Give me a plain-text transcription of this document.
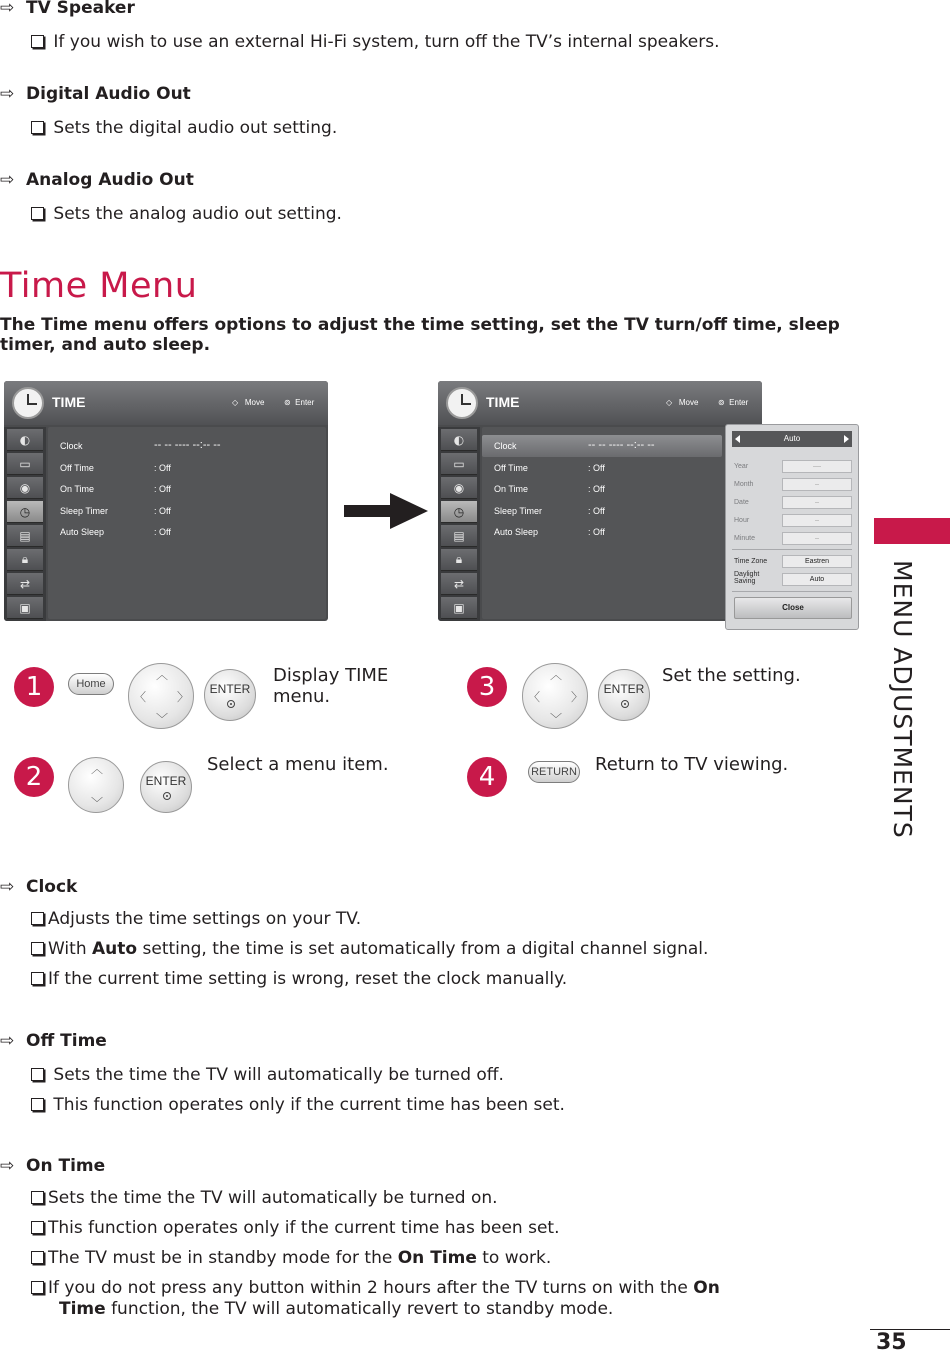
⇨ TV Speaker
If you wish to use an external Hi-Fi system, turn off the TV’s internal speakers.
⇨ Digital Audio Out
Sets the digital audio out setting.
⇨ Analog Audio Out
Sets the analog audio out setting.
Time Menu
The Time menu offers options to adjust the time setting, set the TV turn/off time, sleep timer, and auto sleep.
MENU ADJUSTMENTS
TIME	◇   Move ⊚  Enter
◐
▭
◉
◷
▤
🔒︎
⇄
▣
Clock	-- -- ---- --:-- --
Off Time	: Off
On Time	: Off
Sleep Timer	: Off
Auto Sleep	: Off
TIME	◇   Move ⊚  Enter
◐
▭
◉
◷
▤
🔒︎
⇄
▣
Clock	-- -- ---- --:-- --
Off Time	: Off
On Time	: Off
Sleep Timer	: Off
Auto Sleep	: Off
Auto
Year	----
Month	--
Date	--
Hour	--
Minute	--
Time Zone	Eastren
Daylight
Saving	Auto
Close
1	Home
︿
﹀
〈	〉
ENTER
Display TIME
menu.	3	︿
﹀
〈	〉
ENTER
Set the setting.
2	︿
﹀
ENTER
Select a menu item.	4	RETURN Return to TV viewing.
⇨ Clock
Adjusts the time settings on your TV.
With Auto setting, the time is set automatically from a digital channel signal.
If the current time setting is wrong, reset the clock manually.
⇨ Off Time
Sets the time the TV will automatically be turned off.
This function operates only if the current time has been set.
⇨ On Time
Sets the time the TV will automatically be turned on.
This function operates only if the current time has been set.
The TV must be in standby mode for the On Time to work.
If you do not press any button within 2 hours after the TV turns on with the On
Time function, the TV will automatically revert to standby mode.
35
